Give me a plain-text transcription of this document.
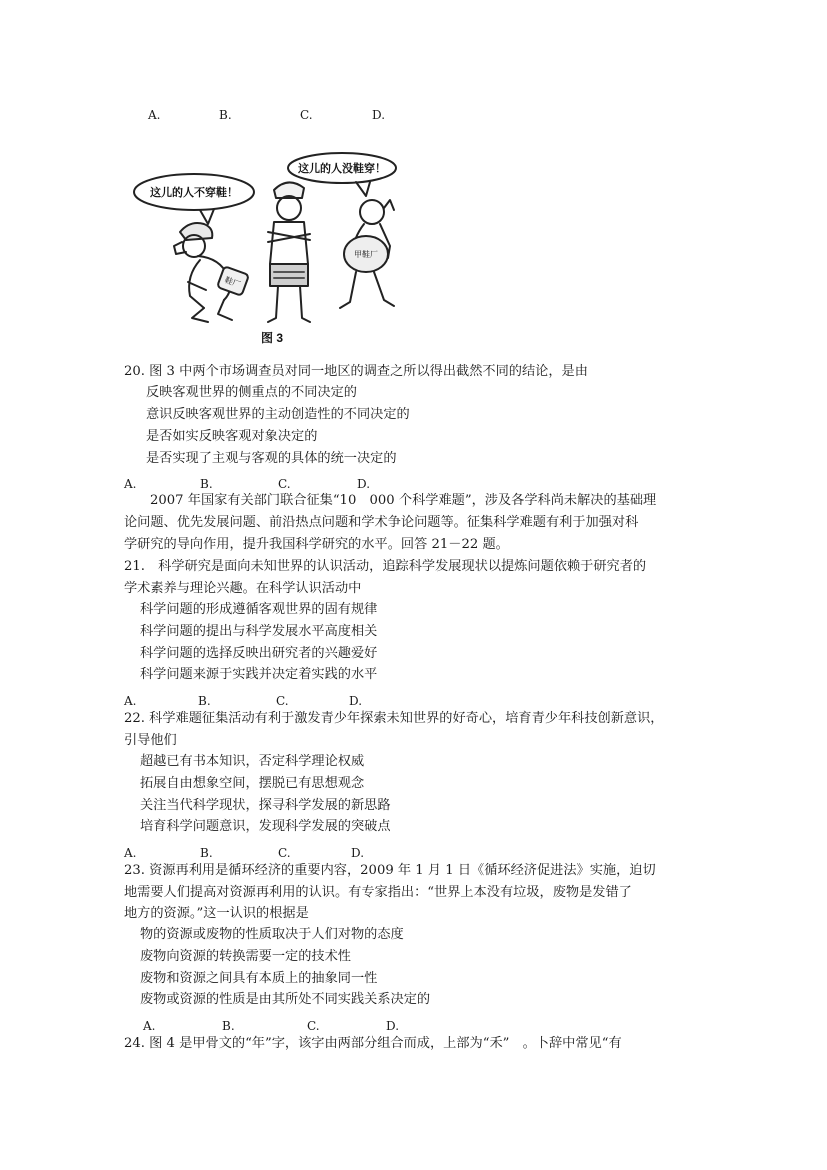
A.	B.	C.	D.
这儿的人不穿鞋！
这儿的人没鞋穿！
鞋厂
甲鞋厂
图 3
20. 图 3 中两个市场调查员对同一地区的调查之所以得出截然不同的结论，是由
反映客观世界的侧重点的不同决定的
意识反映客观世界的主动创造性的不同决定的
是否如实反映客观对象决定的
是否实现了主观与客观的具体的统一决定的
A.	B.	C.	D.
2007 年国家有关部门联合征集“10　000 个科学难题”，涉及各学科尚未解决的基础理
论问题、优先发展问题、前沿热点问题和学术争论问题等。征集科学难题有利于加强对科
学研究的导向作用，提升我国科学研究的水平。回答 21－22 题。
21.　科学研究是面向未知世界的认识活动，追踪科学发展现状以提炼问题依赖于研究者的
学术素养与理论兴趣。在科学认识活动中
科学问题的形成遵循客观世界的固有规律
科学问题的提出与科学发展水平高度相关
科学问题的选择反映出研究者的兴趣爱好
科学问题来源于实践并决定着实践的水平
A.	B.	C.	D.
22. 科学难题征集活动有利于激发青少年探索未知世界的好奇心，培育青少年科技创新意识，
引导他们
超越已有书本知识，否定科学理论权威
拓展自由想象空间，摆脱已有思想观念
关注当代科学现状，探寻科学发展的新思路
培育科学问题意识，发现科学发展的突破点
A.	B.	C.	D.
23. 资源再利用是循环经济的重要内容，2009 年 1 月 1 日《循环经济促进法》实施，迫切
地需要人们提高对资源再利用的认识。有专家指出：“世界上本没有垃圾，废物是发错了
地方的资源。”这一认识的根据是
物的资源或废物的性质取决于人们对物的态度
废物向资源的转换需要一定的技术性
废物和资源之间具有本质上的抽象同一性
废物或资源的性质是由其所处不同实践关系决定的
A.	B.	C.	D.
24. 图 4 是甲骨文的“年”字，该字由两部分组合而成，上部为“禾”　。卜辞中常见“有
